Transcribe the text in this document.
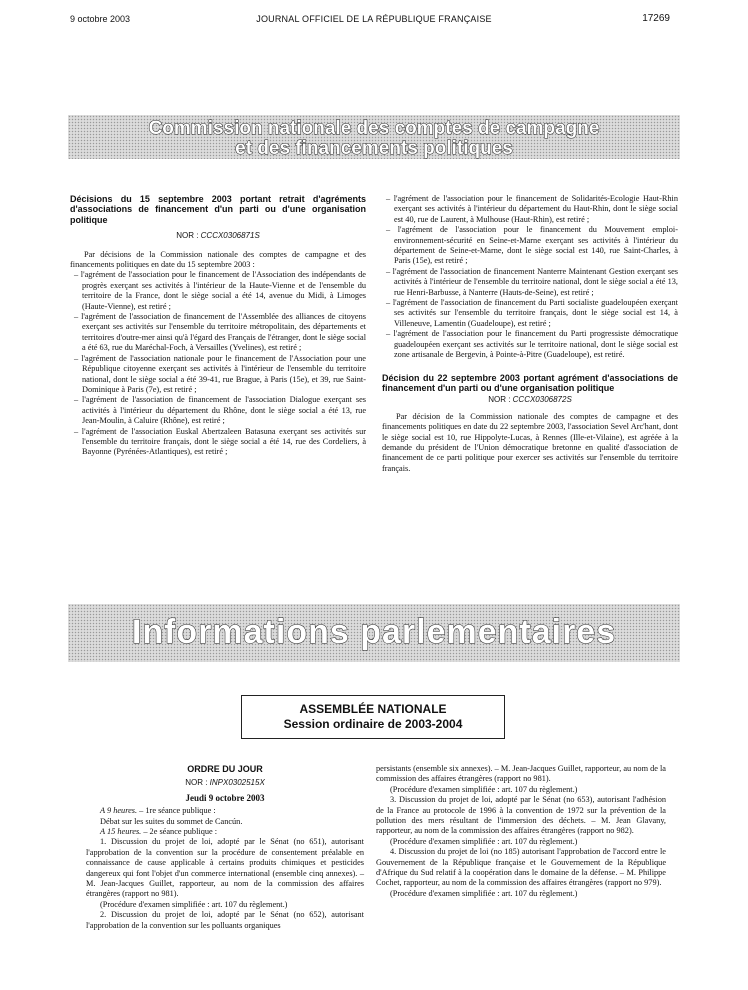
9 octobre 2003	JOURNAL OFFICIEL DE LA RÉPUBLIQUE FRANÇAISE	17269
Commission nationale des comptes de campagne
et des financements politiques

Décisions du 15 septembre 2003 portant retrait d'agréments d'associations de financement d'un parti ou d'une organisation politique

NOR : CCCX0306871S

Par décisions de la Commission nationale des comptes de campagne et des financements politiques en date du 15 septembre 2003 :

– l'agrément de l'association pour le financement de l'Association des indépendants de progrès exerçant ses activités à l'intérieur de la Haute-Vienne et de l'ensemble du territoire de la France, dont le siège social a été 14, avenue du Midi, à Limoges (Haute-Vienne), est retiré ;

– l'agrément de l'association de financement de l'Assemblée des alliances de citoyens exerçant ses activités sur l'ensemble du territoire métropolitain, des départements et territoires d'outre-mer ainsi qu'à l'égard des Français de l'étranger, dont le siège social a été 63, rue du Maréchal-Foch, à Versailles (Yvelines), est retiré ;

– l'agrément de l'association nationale pour le financement de l'Association pour une République citoyenne exerçant ses activités à l'intérieur de l'ensemble du territoire national, dont le siège social a été 39-41, rue Brague, à Paris (15e), et 39, rue Saint-Dominique à Paris (7e), est retiré ;

– l'agrément de l'association de financement de l'association Dialogue exerçant ses activités à l'intérieur du département du Rhône, dont le siège social a été 13, rue Jean-Moulin, à Caluire (Rhône), est retiré ;

– l'agrément de l'association Euskal Abertzaleen Batasuna exerçant ses activités sur l'ensemble du territoire français, dont le siège social a été 14, rue des Cordeliers, à Bayonne (Pyrénées-Atlantiques), est retiré ;

– l'agrément de l'association pour le financement de Solidarités-Ecologie Haut-Rhin exerçant ses activités à l'intérieur du département du Haut-Rhin, dont le siège social est 40, rue de Laurent, à Mulhouse (Haut-Rhin), est retiré ;

– l'agrément de l'association pour le financement du Mouvement emploi-environnement-sécurité en Seine-et-Marne exerçant ses activités à l'intérieur du département de Seine-et-Marne, dont le siège social est 140, rue Saint-Charles, à Paris (15e), est retiré ;

– l'agrément de l'association de financement Nanterre Maintenant Gestion exerçant ses activités à l'intérieur de l'ensemble du territoire national, dont le siège social a été 13, rue Henri-Barbusse, à Nanterre (Hauts-de-Seine), est retiré ;

– l'agrément de l'association de financement du Parti socialiste guadeloupéen exerçant ses activités sur l'ensemble du territoire français, dont le siège social est 14, à Villeneuve, Lamentin (Guadeloupe), est retiré ;

– l'agrément de l'association pour le financement du Parti progressiste démocratique guadeloupéen exerçant ses activités sur le territoire national, dont le siège social est zone artisanale de Bergevin, à Pointe-à-Pitre (Guadeloupe), est retiré.

Décision du 22 septembre 2003 portant agrément d'associations de financement d'un parti ou d'une organisation politique

NOR : CCCX0306872S

Par décision de la Commission nationale des comptes de campagne et des financements politiques en date du 22 septembre 2003, l'association Sevel Arc'hant, dont le siège social est 10, rue Hippolyte-Lucas, à Rennes (Ille-et-Vilaine), est agréée à la demande du président de l'Union démocratique bretonne en qualité d'association de financement de ce parti politique pour exercer ses activités sur l'ensemble du territoire français.

Informations parlementaires
ASSEMBLÉE NATIONALE
Session ordinaire de 2003-2004

ORDRE DU JOUR

NOR : INPX0302515X

Jeudi 9 octobre 2003

A 9 heures. – 1re séance publique :

Débat sur les suites du sommet de Cancún.

A 15 heures. – 2e séance publique :

1. Discussion du projet de loi, adopté par le Sénat (no 651), autorisant l'approbation de la convention sur la procédure de consentement préalable en connaissance de cause applicable à certains produits chimiques et pesticides dangereux qui font l'objet d'un commerce international (ensemble cinq annexes). – M. Jean-Jacques Guillet, rapporteur, au nom de la commission des affaires étrangères (rapport no 981).

(Procédure d'examen simplifiée : art. 107 du règlement.)

2. Discussion du projet de loi, adopté par le Sénat (no 652), autorisant l'approbation de la convention sur les polluants organiques

persistants (ensemble six annexes). – M. Jean-Jacques Guillet, rapporteur, au nom de la commission des affaires étrangères (rapport no 981).

(Procédure d'examen simplifiée : art. 107 du règlement.)

3. Discussion du projet de loi, adopté par le Sénat (no 653), autorisant l'adhésion de la France au protocole de 1996 à la convention de 1972 sur la prévention de la pollution des mers résultant de l'immersion des déchets. – M. Jean Glavany, rapporteur, au nom de la commission des affaires étrangères (rapport no 982).

(Procédure d'examen simplifiée : art. 107 du règlement.)

4. Discussion du projet de loi (no 185) autorisant l'approbation de l'accord entre le Gouvernement de la République française et le Gouvernement de la République d'Afrique du Sud relatif à la coopération dans le domaine de la défense. – M. Philippe Cochet, rapporteur, au nom de la commission des affaires étrangères (rapport no 979).

(Procédure d'examen simplifiée : art. 107 du règlement.)
